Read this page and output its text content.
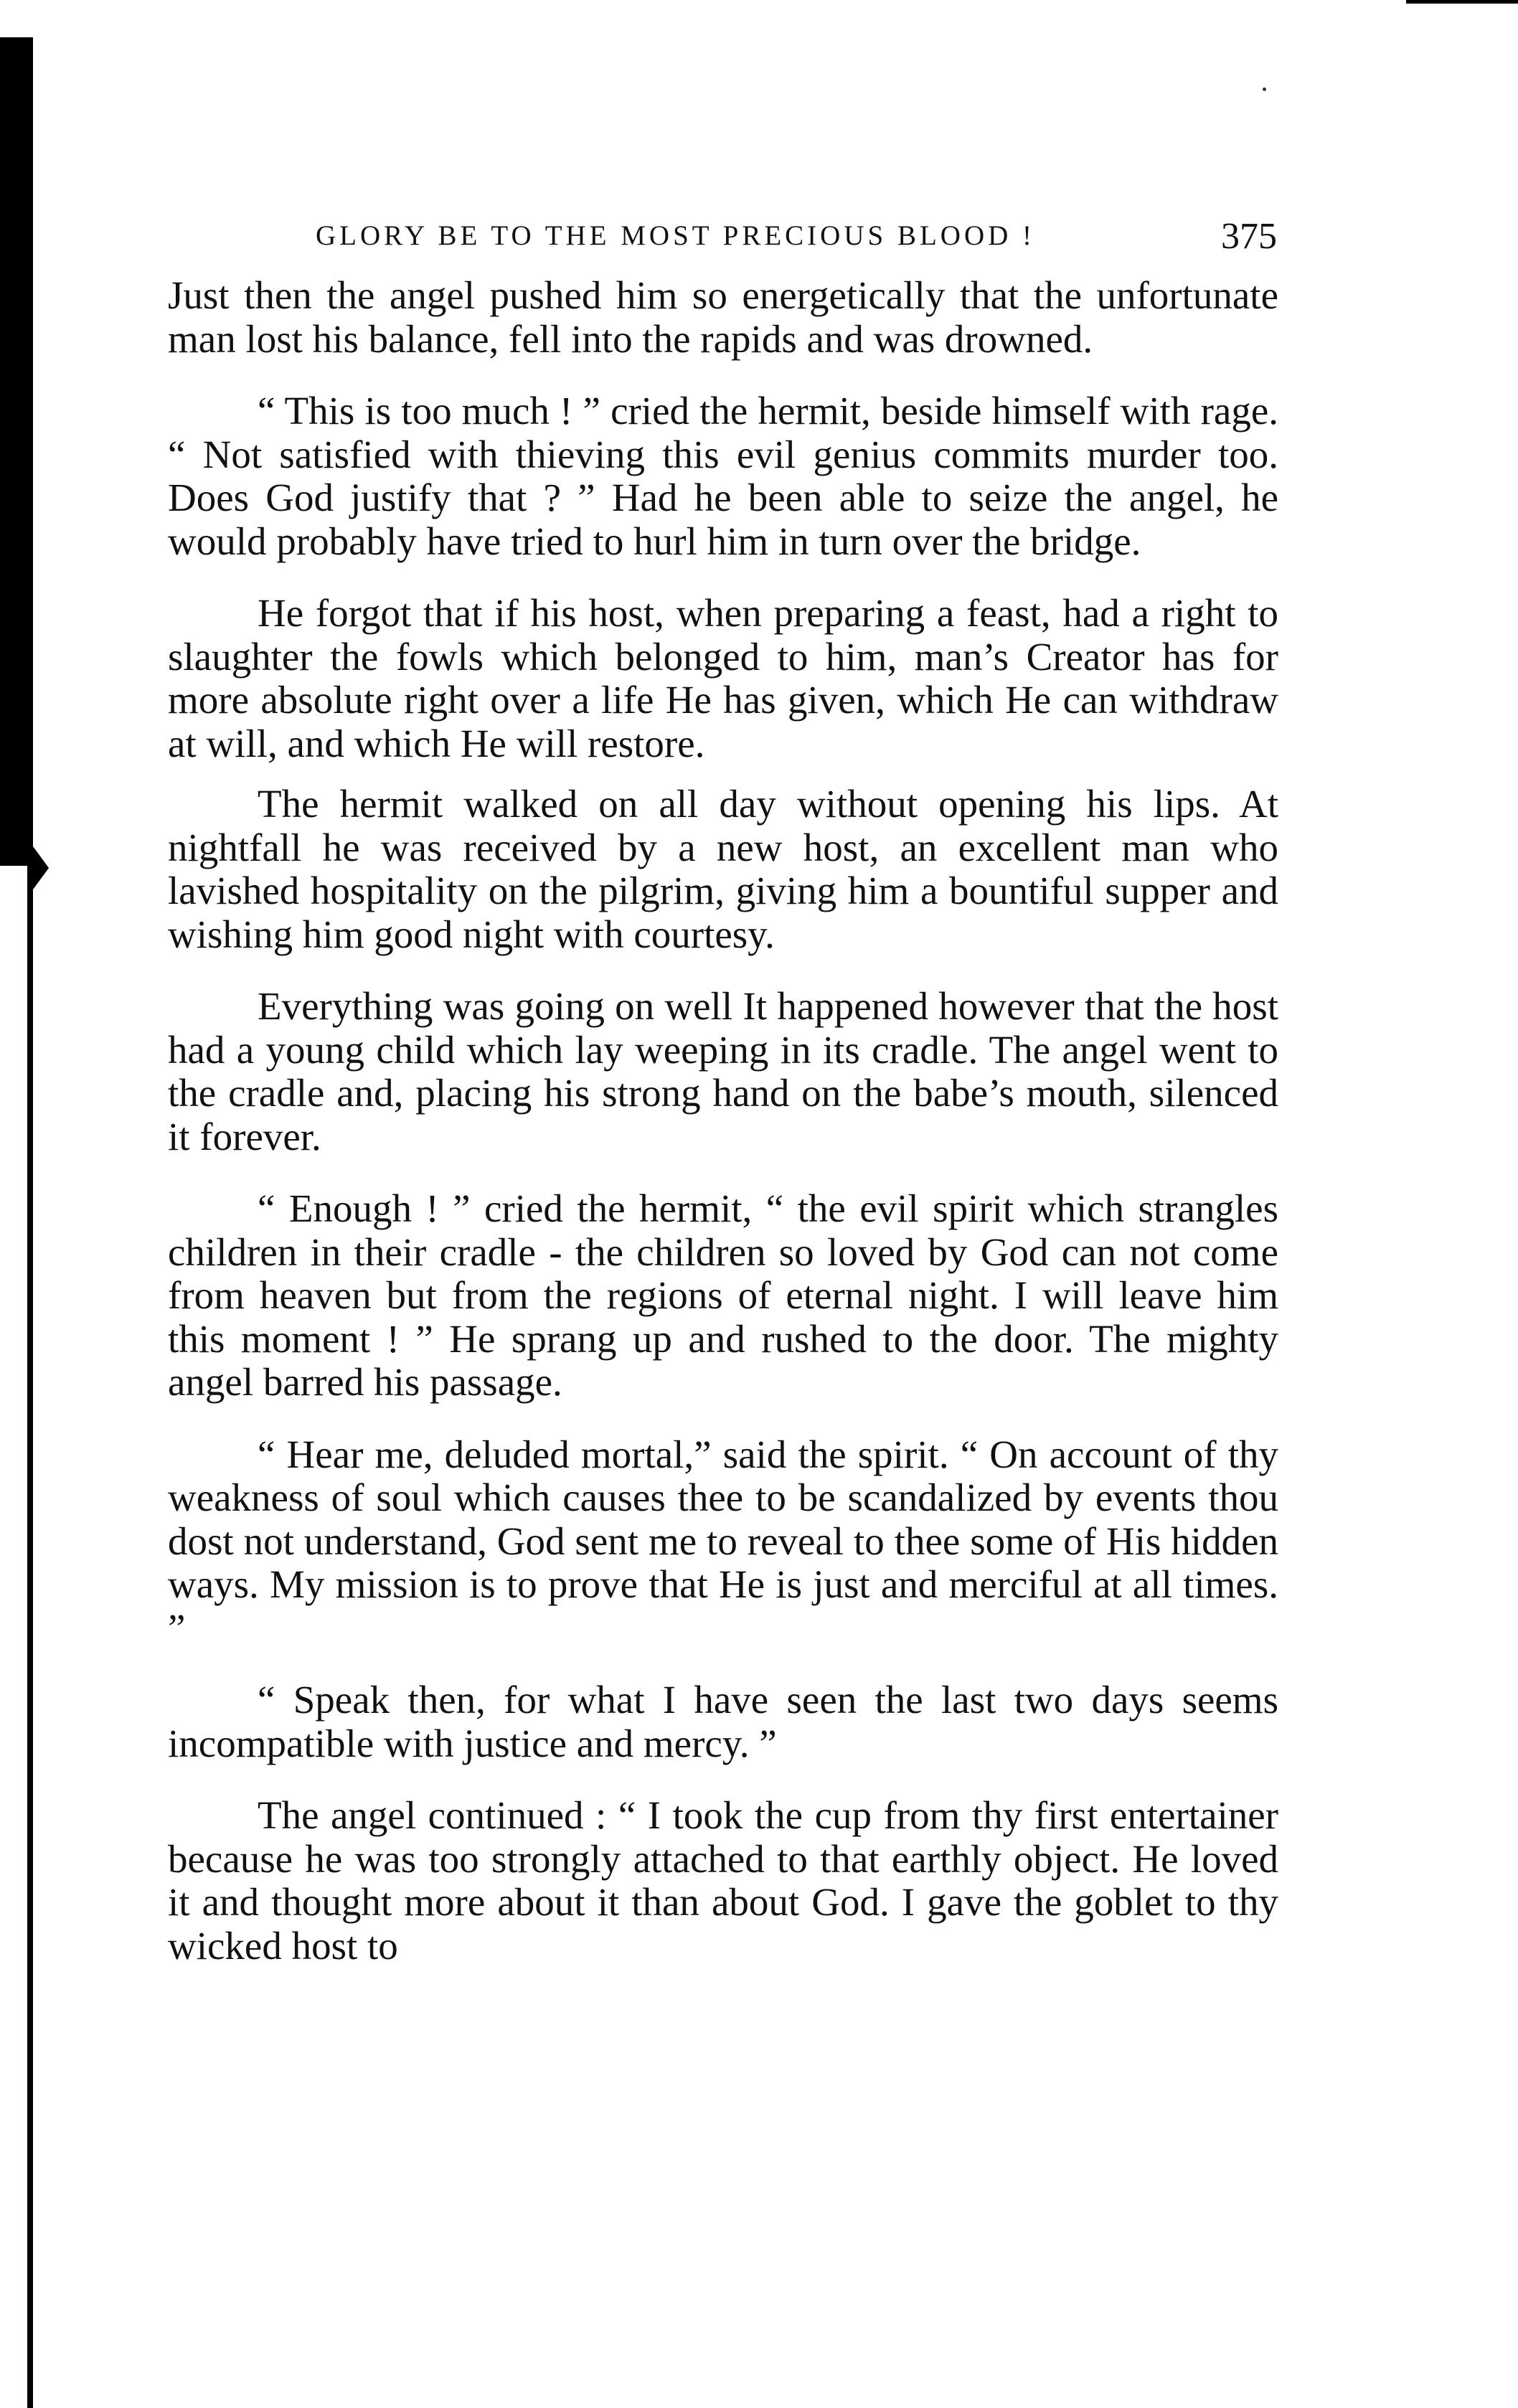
GLORY BE TO THE MOST PRECIOUS BLOOD !	375

Just then the angel pushed him so energetically that the unfortunate man lost his balance, fell into the rapids and was drowned.

“ This is too much ! ” cried the hermit, beside himself with rage. “ Not satisfied with thieving this evil genius commits murder too. Does God justify that ? ” Had he been able to seize the angel, he would probably have tried to hurl him in turn over the bridge.

He forgot that if his host, when preparing a feast, had a right to slaughter the fowls which belonged to him, man’s Creator has for more absolute right over a life He has given, which He can withdraw at will, and which He will restore.

The hermit walked on all day without opening his lips. At nightfall he was received by a new host, an excellent man who lavished hospitality on the pilgrim, giving him a bountiful supper and wishing him good night with courtesy.

Everything was going on well It happened however that the host had a young child which lay weeping in its cradle. The angel went to the cradle and, placing his strong hand on the babe’s mouth, silenced it forever.

“ Enough ! ” cried the hermit, “ the evil spirit which strangles children in their cradle - the children so loved by God can not come from heaven but from the regions of eternal night. I will leave him this moment ! ” He sprang up and rushed to the door. The mighty angel barred his passage.

“ Hear me, deluded mortal,” said the spirit. “ On account of thy weakness of soul which causes thee to be scandalized by events thou dost not understand, God sent me to reveal to thee some of His hidden ways. My mission is to prove that He is just and merciful at all times. ”

“ Speak then, for what I have seen the last two days seems incompatible with justice and mercy. ”

The angel continued : “ I took the cup from thy first entertainer because he was too strongly attached to that earthly object. He loved it and thought more about it than about God. I gave the goblet to thy wicked host to
